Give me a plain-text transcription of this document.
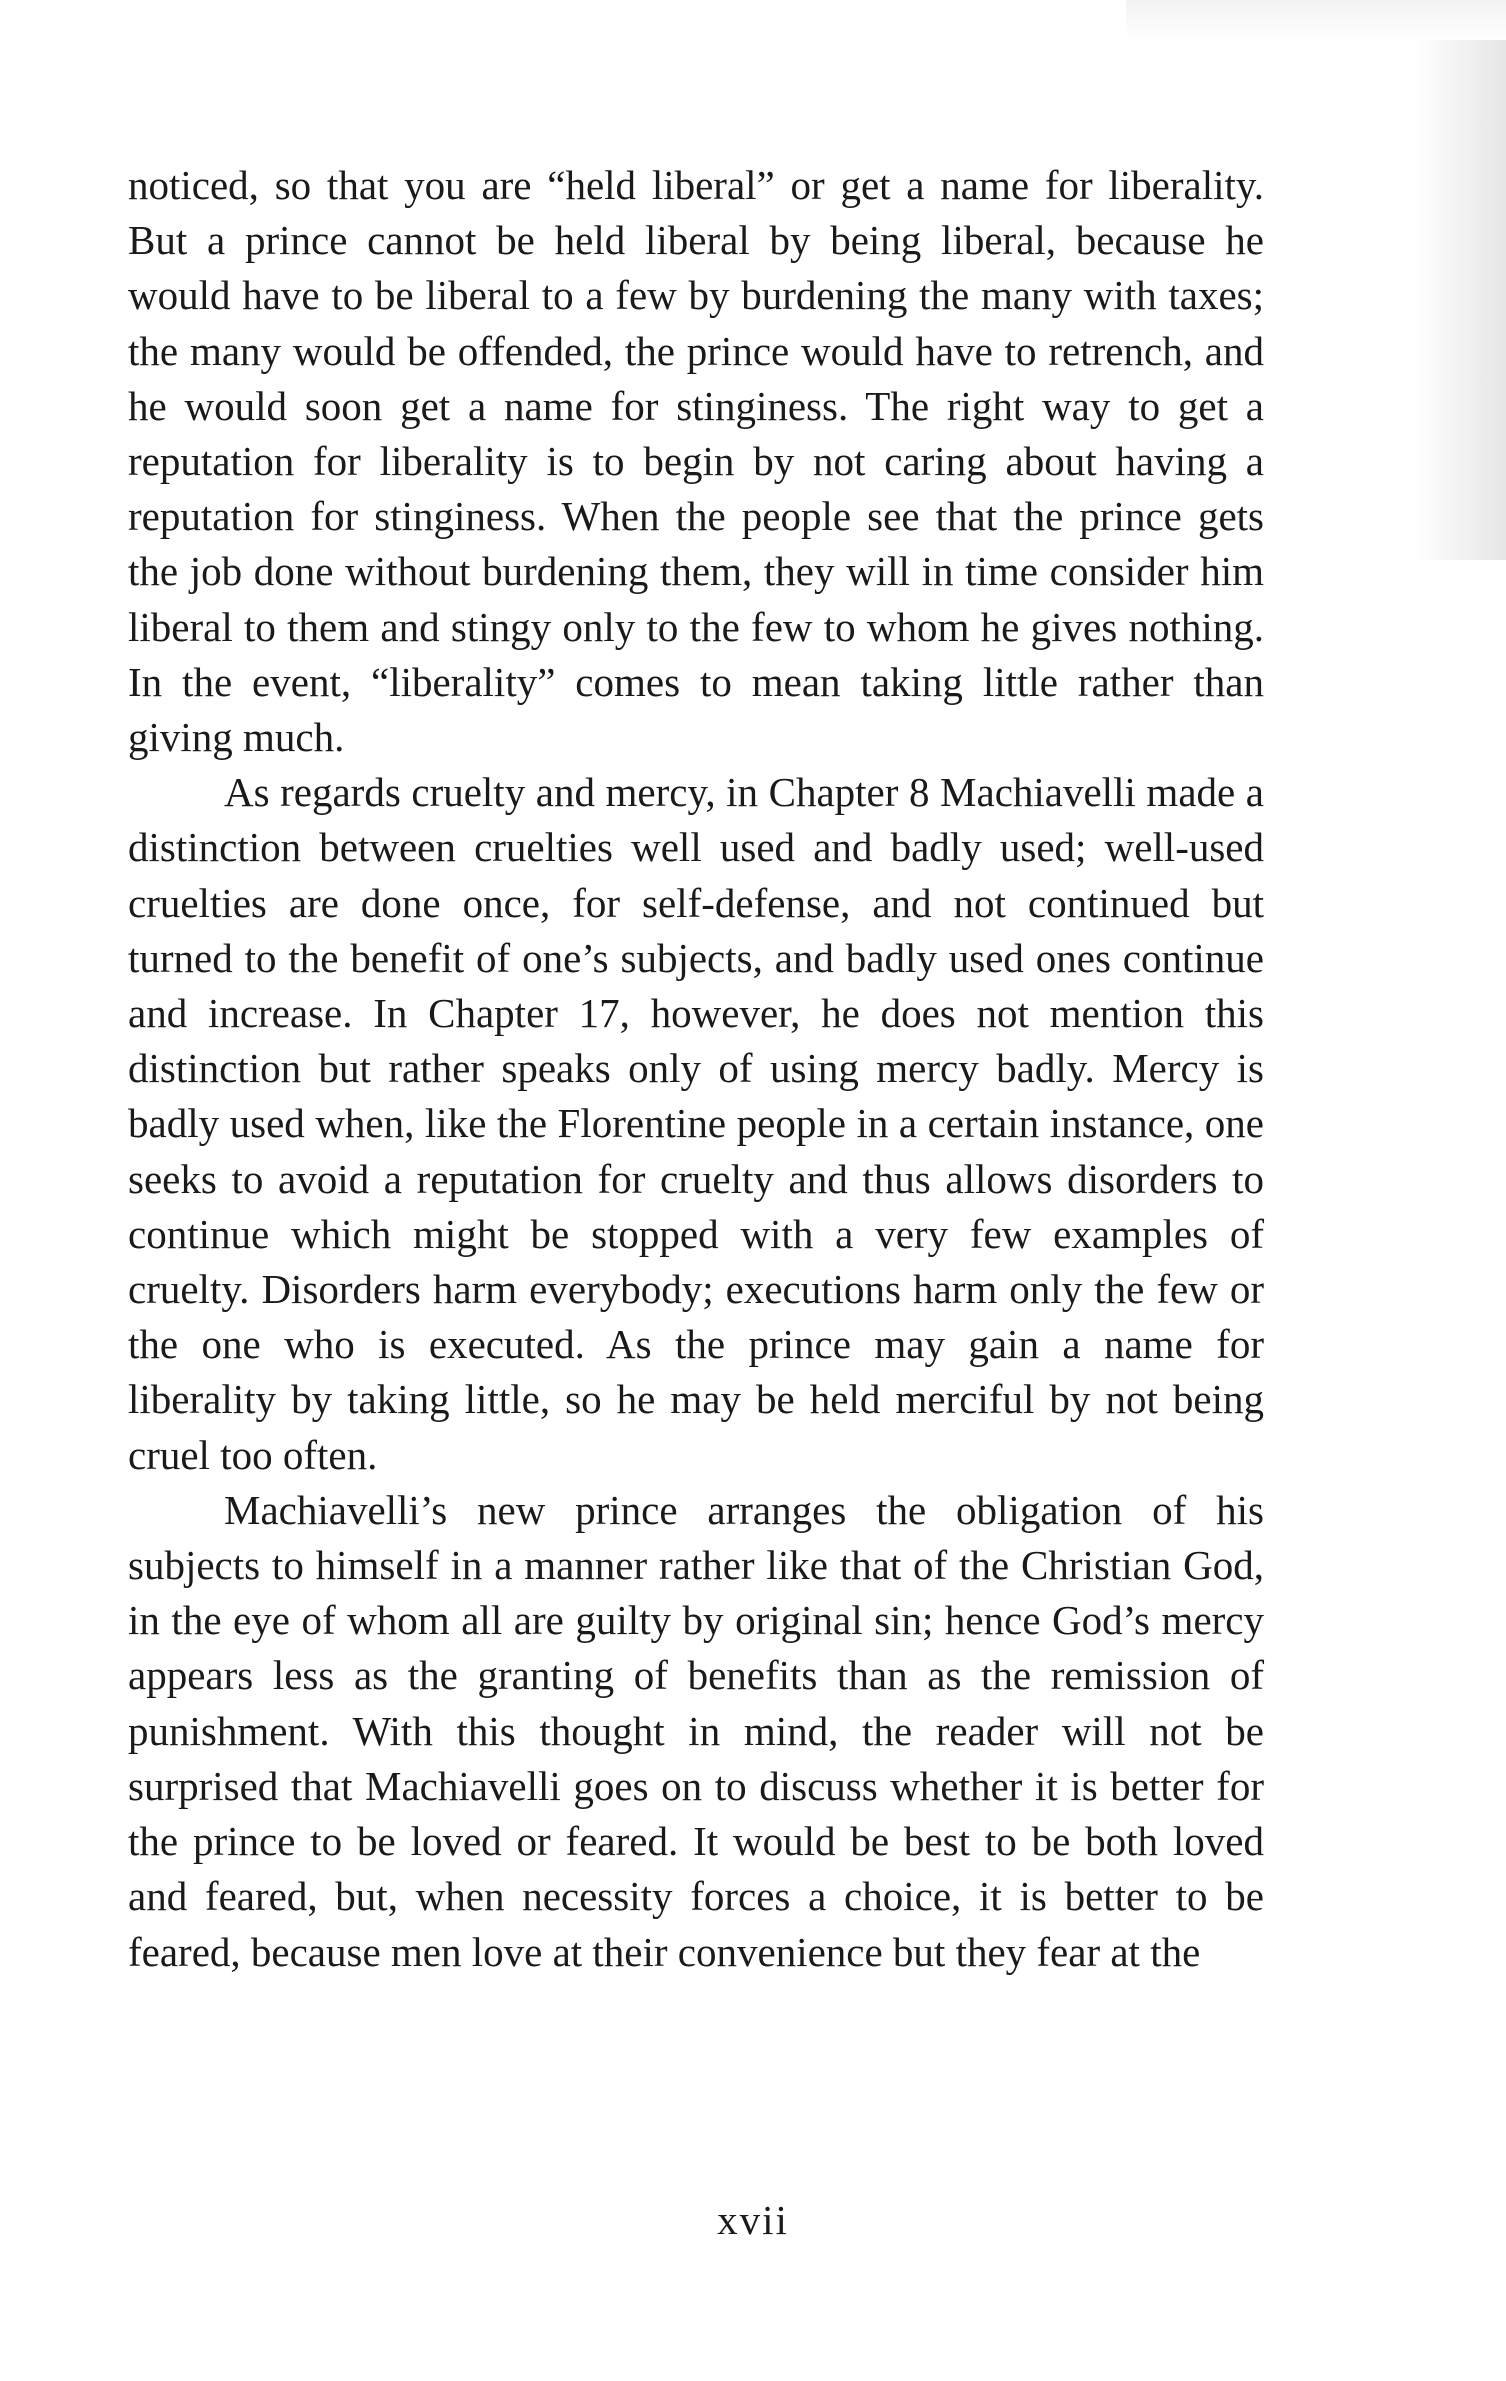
noticed, so that you are “held liberal” or get a name for liberality. But a prince cannot be held liberal by being liberal, because he would have to be liberal to a few by burdening the many with taxes; the many would be offended, the prince would have to retrench, and he would soon get a name for stinginess. The right way to get a reputation for liberality is to begin by not caring about having a reputation for stinginess. When the people see that the prince gets the job done without burdening them, they will in time consider him liberal to them and stingy only to the few to whom he gives nothing. In the event, “liberality” comes to mean taking little rather than giving much.

As regards cruelty and mercy, in Chapter 8 Machiavelli made a distinction between cruelties well used and badly used; well-used cruelties are done once, for self-defense, and not continued but turned to the benefit of one’s subjects, and badly used ones continue and increase. In Chapter 17, however, he does not mention this distinction but rather speaks only of using mercy badly. Mercy is badly used when, like the Florentine people in a certain instance, one seeks to avoid a reputation for cruelty and thus allows disorders to continue which might be stopped with a very few examples of cruelty. Disorders harm everybody; executions harm only the few or the one who is executed. As the prince may gain a name for liberality by taking little, so he may be held merciful by not being cruel too often.

Machiavelli’s new prince arranges the obligation of his subjects to himself in a manner rather like that of the Christian God, in the eye of whom all are guilty by original sin; hence God’s mercy appears less as the granting of benefits than as the remission of punishment. With this thought in mind, the reader will not be surprised that Machiavelli goes on to discuss whether it is better for the prince to be loved or feared. It would be best to be both loved and feared, but, when necessity forces a choice, it is better to be feared, because men love at their convenience but they fear at the

xvii
